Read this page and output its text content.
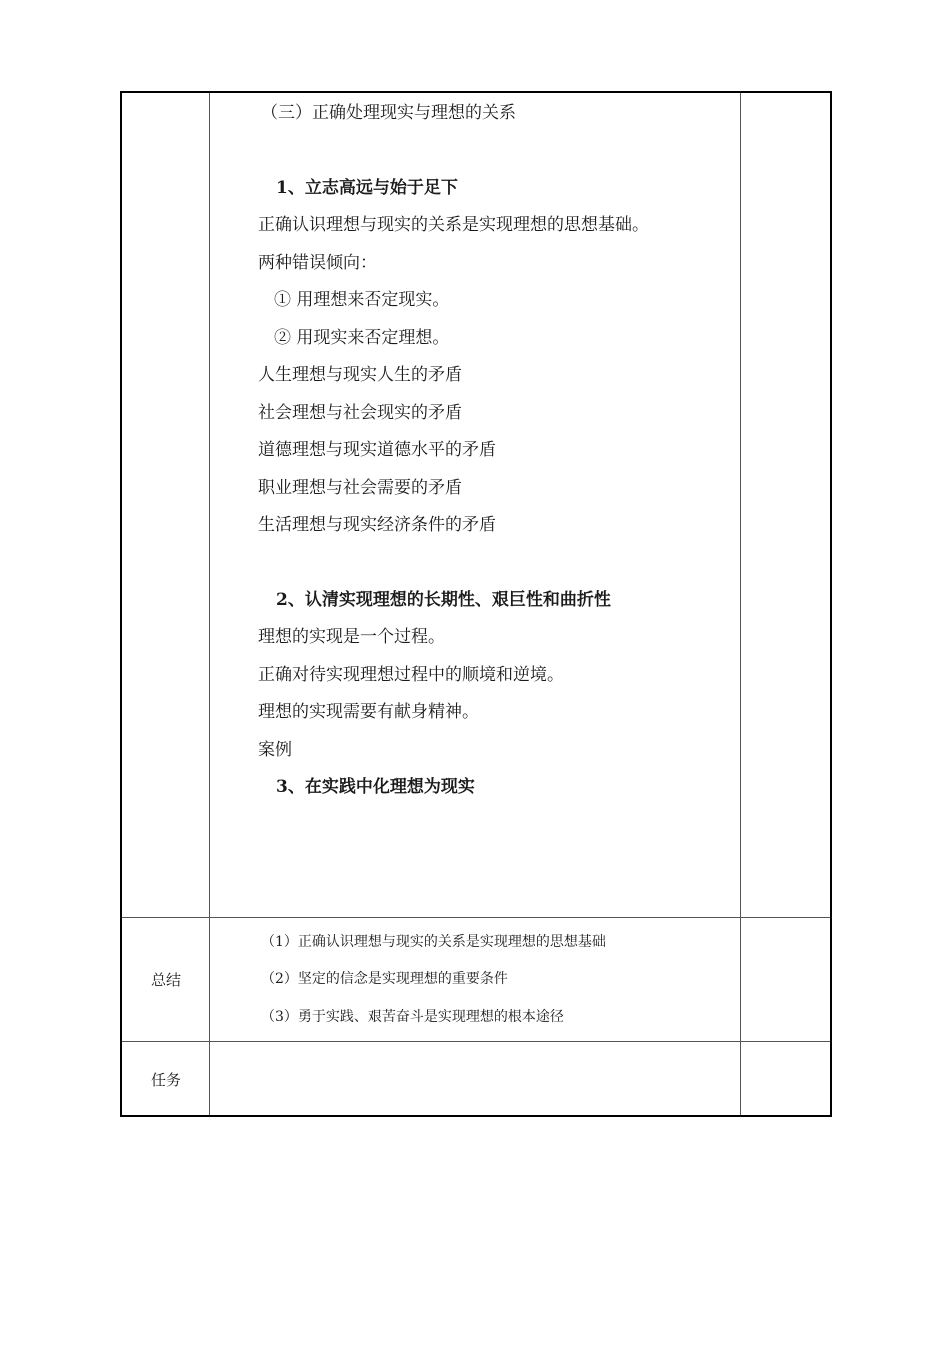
（三）正确处理现实与理想的关系
1、立志高远与始于足下
正确认识理想与现实的关系是实现理想的思想基础。
两种错误倾向：
① 用理想来否定现实。
② 用现实来否定理想。
人生理想与现实人生的矛盾
社会理想与社会现实的矛盾
道德理想与现实道德水平的矛盾
职业理想与社会需要的矛盾
生活理想与现实经济条件的矛盾
2、认清实现理想的长期性、艰巨性和曲折性
理想的实现是一个过程。
正确对待实现理想过程中的顺境和逆境。
理想的实现需要有献身精神。
案例
3、在实践中化理想为现实
总结
（1）正确认识理想与现实的关系是实现理想的思想基础
（2）坚定的信念是实现理想的重要条件
（3）勇于实践、艰苦奋斗是实现理想的根本途径
任务
